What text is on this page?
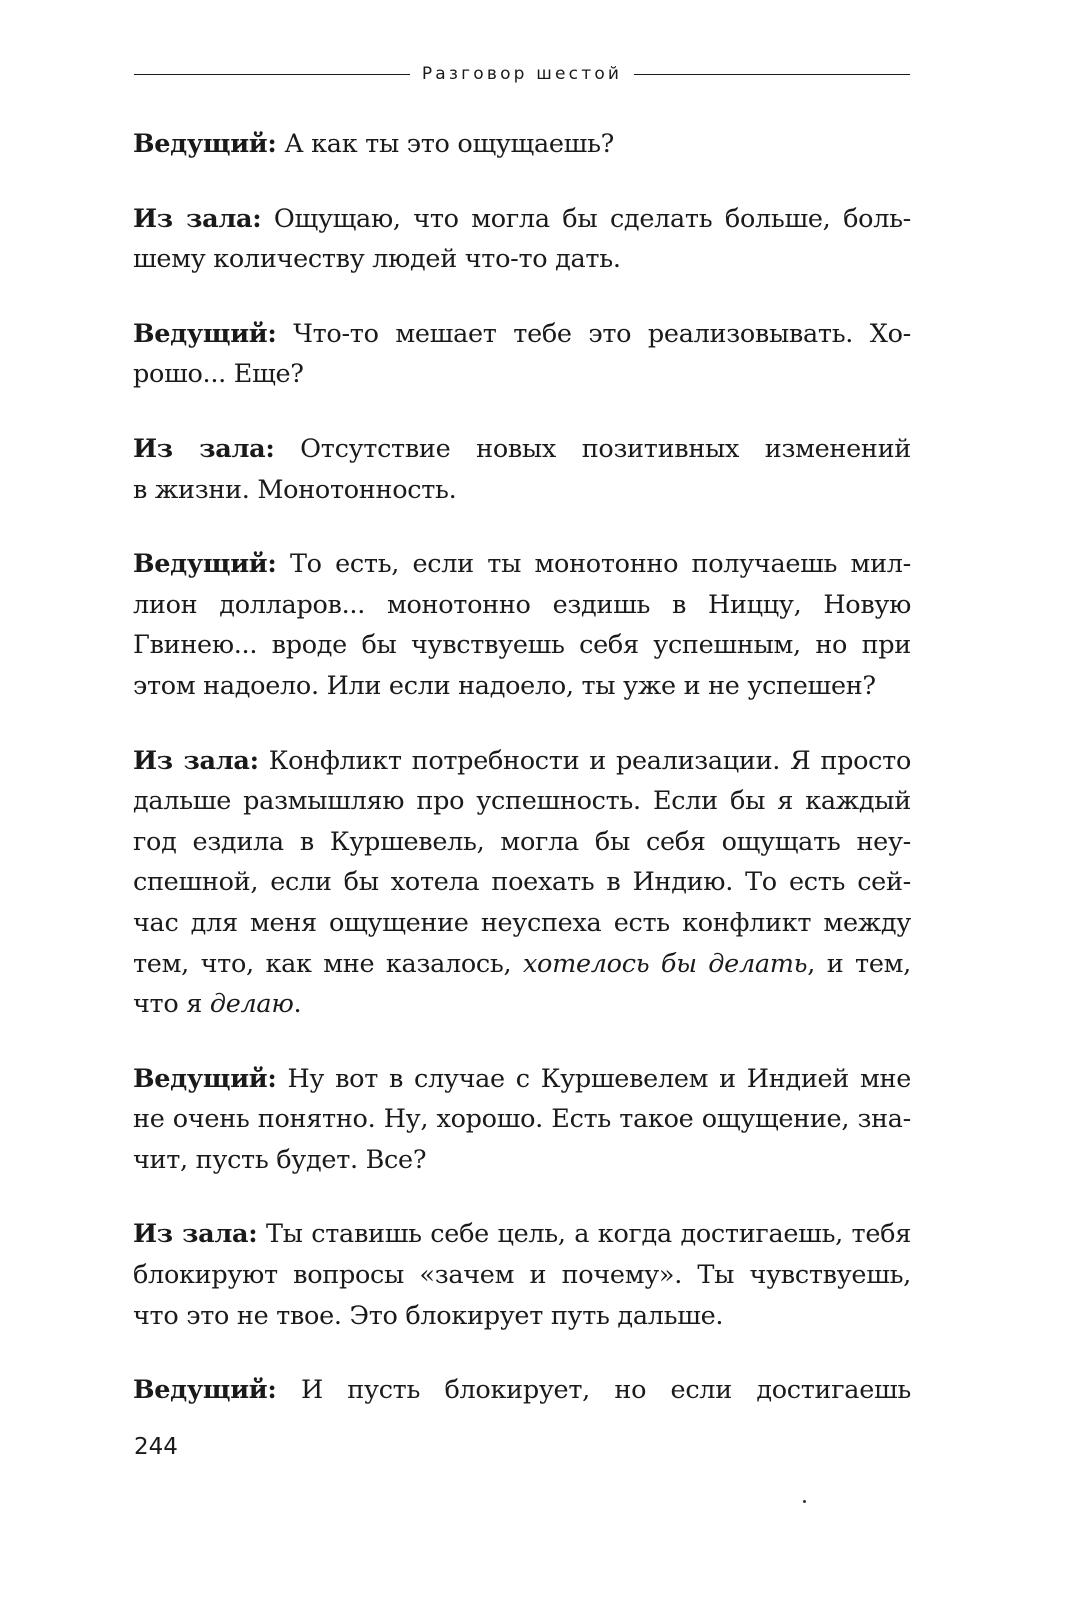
Разговор шестой
Ведущий: А как ты это ощущаешь?
Из зала: Ощущаю, что могла бы сделать больше, боль-
шему количеству людей что-то дать.
Ведущий: Что-то мешает тебе это реализовывать. Хо-
рошо... Еще?
Из зала: Отсутствие новых позитивных изменений
в жизни. Монотонность.
Ведущий: То есть, если ты монотонно получаешь мил-
лион долларов... монотонно ездишь в Ниццу, Новую
Гвинею... вроде бы чувствуешь себя успешным, но при
этом надоело. Или если надоело, ты уже и не успешен?
Из зала: Конфликт потребности и реализации. Я просто
дальше размышляю про успешность. Если бы я каждый
год ездила в Куршевель, могла бы себя ощущать неу-
спешной, если бы хотела поехать в Индию. То есть сей-
час для меня ощущение неуспеха есть конфликт между
тем, что, как мне казалось, хотелось бы делать, и тем,
что я делаю.
Ведущий: Ну вот в случае с Куршевелем и Индией мне
не очень понятно. Ну, хорошо. Есть такое ощущение, зна-
чит, пусть будет. Все?
Из зала: Ты ставишь себе цель, а когда достигаешь, тебя
блокируют вопросы «зачем и почему». Ты чувствуешь,
что это не твое. Это блокирует путь дальше.
Ведущий: И пусть блокирует, но если достигаешь
244
